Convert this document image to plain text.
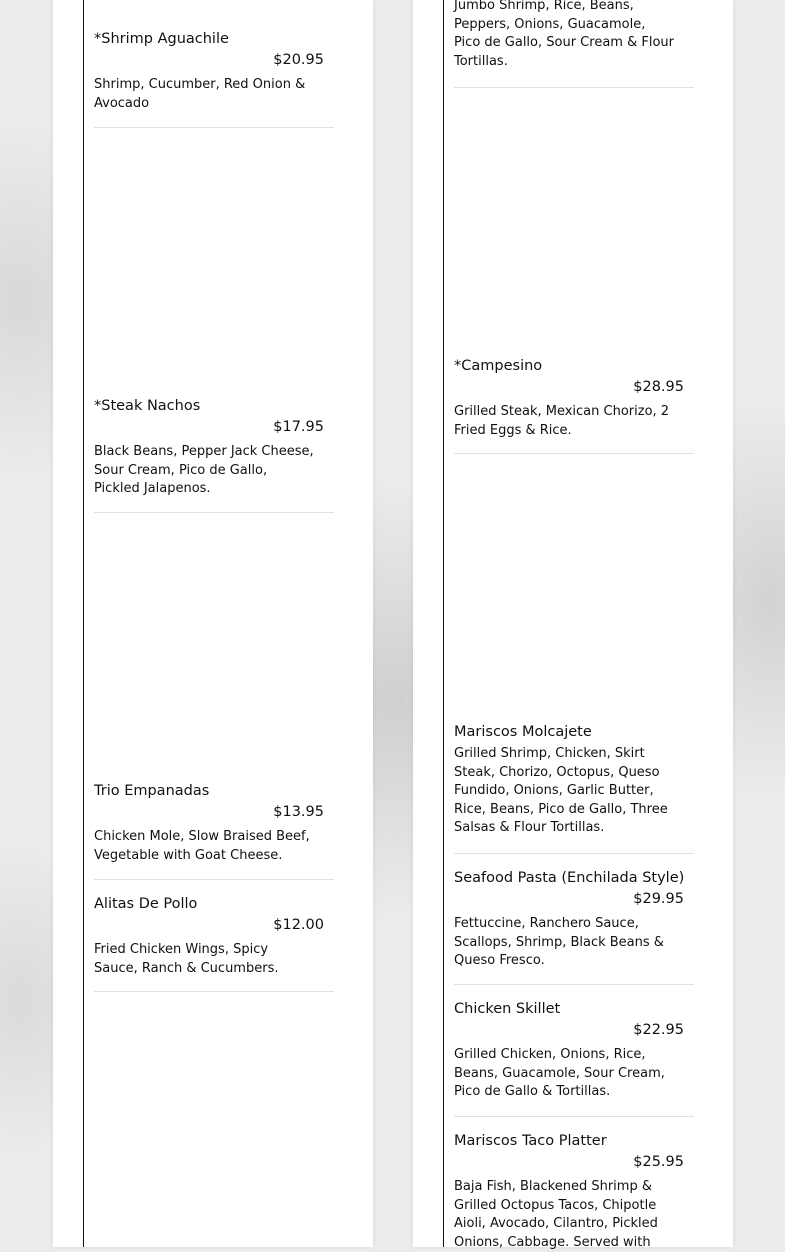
*Shrimp Aguachile
$20.95
Shrimp, Cucumber, Red Onion & Avocado
*Steak Nachos
$17.95
Black Beans, Pepper Jack Cheese, Sour Cream, Pico de Gallo, Pickled Jalapenos.
Trio Empanadas
$13.95
Chicken Mole, Slow Braised Beef, Vegetable with Goat Cheese.
Alitas De Pollo
$12.00
Fried Chicken Wings, Spicy Sauce, Ranch & Cucumbers.
Jumbo Shrimp, Rice, Beans, Peppers, Onions, Guacamole, Pico de Gallo, Sour Cream & Flour Tortillas.
*Campesino
$28.95
Grilled Steak, Mexican Chorizo, 2 Fried Eggs & Rice.
Mariscos Molcajete
Grilled Shrimp, Chicken, Skirt Steak, Chorizo, Octopus, Queso Fundido, Onions, Garlic Butter, Rice, Beans, Pico de Gallo, Three Salsas & Flour Tortillas.
Seafood Pasta (Enchilada Style)
$29.95
Fettuccine, Ranchero Sauce, Scallops, Shrimp, Black Beans & Queso Fresco.
Chicken Skillet
$22.95
Grilled Chicken, Onions, Rice, Beans, Guacamole, Sour Cream, Pico de Gallo & Tortillas.
Mariscos Taco Platter
$25.95
Baja Fish, Blackened Shrimp & Grilled Octopus Tacos, Chipotle Aioli, Avocado, Cilantro, Pickled Onions, Cabbage. Served with
